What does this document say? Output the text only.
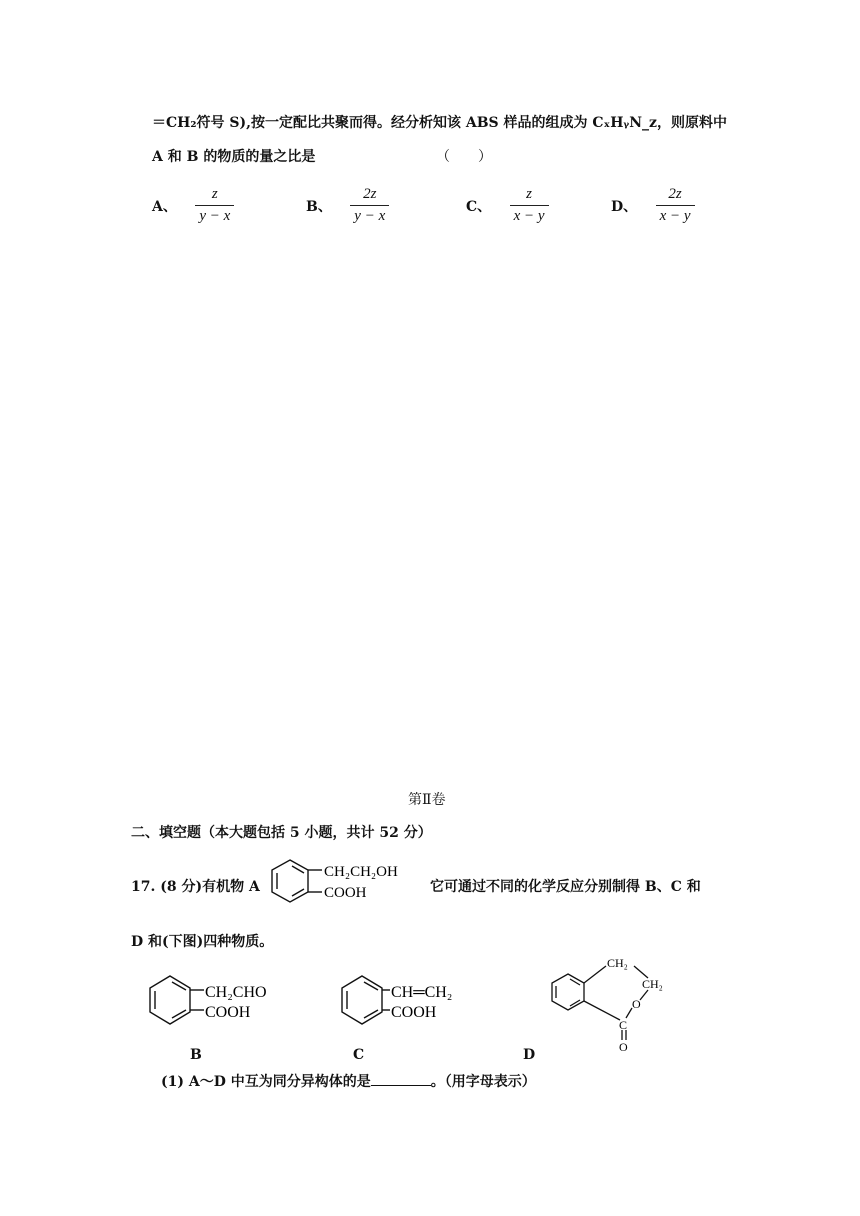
＝CH₂符号 S),按一定配比共聚而得。经分析知该 ABS 样品的组成为 CₓHᵧN_z，则原料中
A 和 B 的物质的量之比是	（　　）
A、 $\frac{z}{y - x}$	B、 $\frac{2z}{y - x}$	C、 $\frac{z}{x - y}$	D、 $\frac{2z}{x - y}$
第Ⅱ卷
二、填空题（本大题包括 5 小题，共计 52 分）
17. (8 分)有机物 A
CH₂CH₂OH
COOH	它可通过不同的化学反应分别制得 B、C 和
D 和(下图)四种物质。
CH₂CHO
COOH
B
CH═CH₂
COOH
C
CH₂
CH₂
O
C
O
D
(1) A～D 中互为同分异构体的是	。（用字母表示）
